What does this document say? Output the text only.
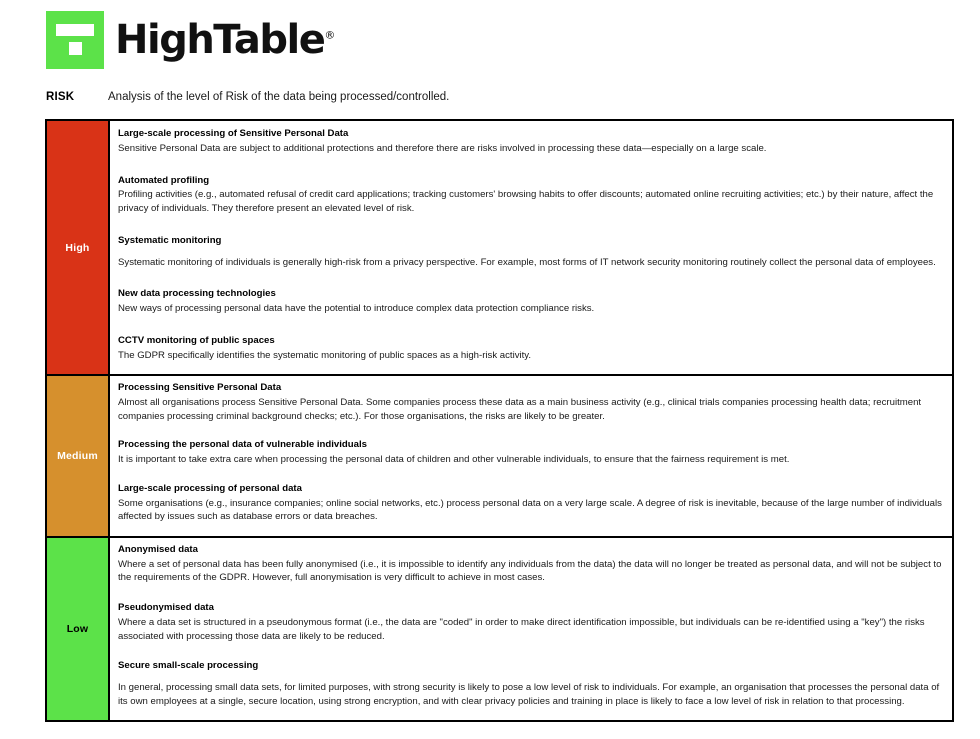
HighTable®
RISK	Analysis of the level of Risk of the data being processed/controlled.
High
Large-scale processing of Sensitive Personal Data
Sensitive Personal Data are subject to additional protections and therefore there are risks involved in processing these data—especially on a large scale.
Automated profiling
Profiling activities (e.g., automated refusal of credit card applications; tracking customers' browsing habits to offer discounts; automated online recruiting activities; etc.) by their nature, affect the privacy of individuals. They therefore present an elevated level of risk.
Systematic monitoring
Systematic monitoring of individuals is generally high-risk from a privacy perspective. For example, most forms of IT network security monitoring routinely collect the personal data of employees.
New data processing technologies
New ways of processing personal data have the potential to introduce complex data protection compliance risks.
CCTV monitoring of public spaces
The GDPR specifically identifies the systematic monitoring of public spaces as a high-risk activity.
Medium
Processing Sensitive Personal Data
Almost all organisations process Sensitive Personal Data. Some companies process these data as a main business activity (e.g., clinical trials companies processing health data; recruitment companies processing criminal background checks; etc.). For those organisations, the risks are likely to be greater.
Processing the personal data of vulnerable individuals
It is important to take extra care when processing the personal data of children and other vulnerable individuals, to ensure that the fairness requirement is met.
Large-scale processing of personal data
Some organisations (e.g., insurance companies; online social networks, etc.) process personal data on a very large scale. A degree of risk is inevitable, because of the large number of individuals affected by issues such as database errors or data breaches.
Low
Anonymised data
Where a set of personal data has been fully anonymised (i.e., it is impossible to identify any individuals from the data) the data will no longer be treated as personal data, and will not be subject to the requirements of the GDPR. However, full anonymisation is very difficult to achieve in most cases.
Pseudonymised data
Where a data set is structured in a pseudonymous format (i.e., the data are "coded" in order to make direct identification impossible, but individuals can be re-identified using a "key") the risks associated with processing those data are likely to be reduced.
Secure small-scale processing
In general, processing small data sets, for limited purposes, with strong security is likely to pose a low level of risk to individuals. For example, an organisation that processes the personal data of its own employees at a single, secure location, using strong encryption, and with clear privacy policies and training in place is likely to face a low level of risk in relation to that processing.
